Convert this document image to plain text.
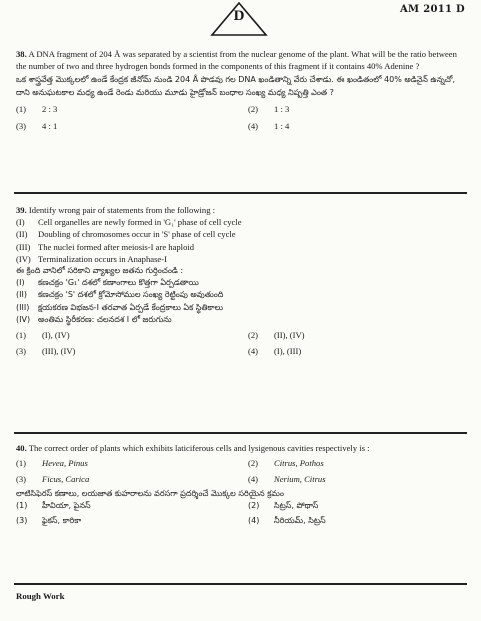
AM 2011 D
D
38. A DNA fragment of 204 Å was separated by a scientist from the nuclear genome of the plant. What will be the ratio between the number of two and three hydrogen bonds formed in the components of this fragment if it contains 40% Adenine ?
ఒక శాస్త్రవేత్త మొక్కలలో ఉండే కేంద్రక జీనోమ్ నుండి 204 Å పొడవు గల DNA ఖండితాన్ని వేరు చేశాడు. ఈ ఖండితంలో 40% అడినైన్ ఉన్నచో, దాని అనుఘటకాల మధ్య ఉండే రెండు మరియు మూడు హైడ్రోజన్ బంధాల సంఖ్య మధ్య నిష్పత్తి ఎంత ?
(1)	2 : 3	(2)	1 : 3
(3)	4 : 1	(4)	1 : 4
39. Identify wrong pair of statements from the following :
(I) Cell organelles are newly formed in 'G₁' phase of cell cycle
(II) Doubling of chromosomes occur in 'S' phase of cell cycle
(III) The nuclei formed after meiosis-I are haploid
(IV) Terminalization occurs in Anaphase-I
ఈ క్రింది వానిలో సరికాని వ్యాఖ్యల జతను గుర్తించండి :
(I) కణచక్రం 'G₁' దశలో కణాంగాలు కొత్తగా ఏర్పడతాయి
(II) కణచక్రం 'S' దశలో క్రోమోసోముల సంఖ్య రెట్టింపు అవుతుంది
(III) క్షయకరణ విభజన-I తరవాత ఏర్పడే కేంద్రకాలు ఏక స్థితికాలు
(IV) అంతిమ స్థిరీకరణ: చలనదశ I లో జరుగును
(1)	(I), (IV)	(2)	(II), (IV)
(3)	(III), (IV)	(4)	(I), (III)
40. The correct order of plants which exhibits laticiferous cells and lysigenous cavities respectively is :
(1)	Hevea, Pinus	(2)	Citrus, Pothos
(3)	Ficus, Carica	(4)	Nerium, Citrus
లాటిసిఫెరస్ కణాలు, లయజాత కుహరాలను వరసగా ప్రదర్శించే మొక్కల సరియైన క్రమం
(1)	హీవియా, పైనస్	(2)	సిట్రస్, పోథాస్
(3)	ఫైకస్, కారికా	(4)	నీరియమ్, సిట్రస్
Rough Work
